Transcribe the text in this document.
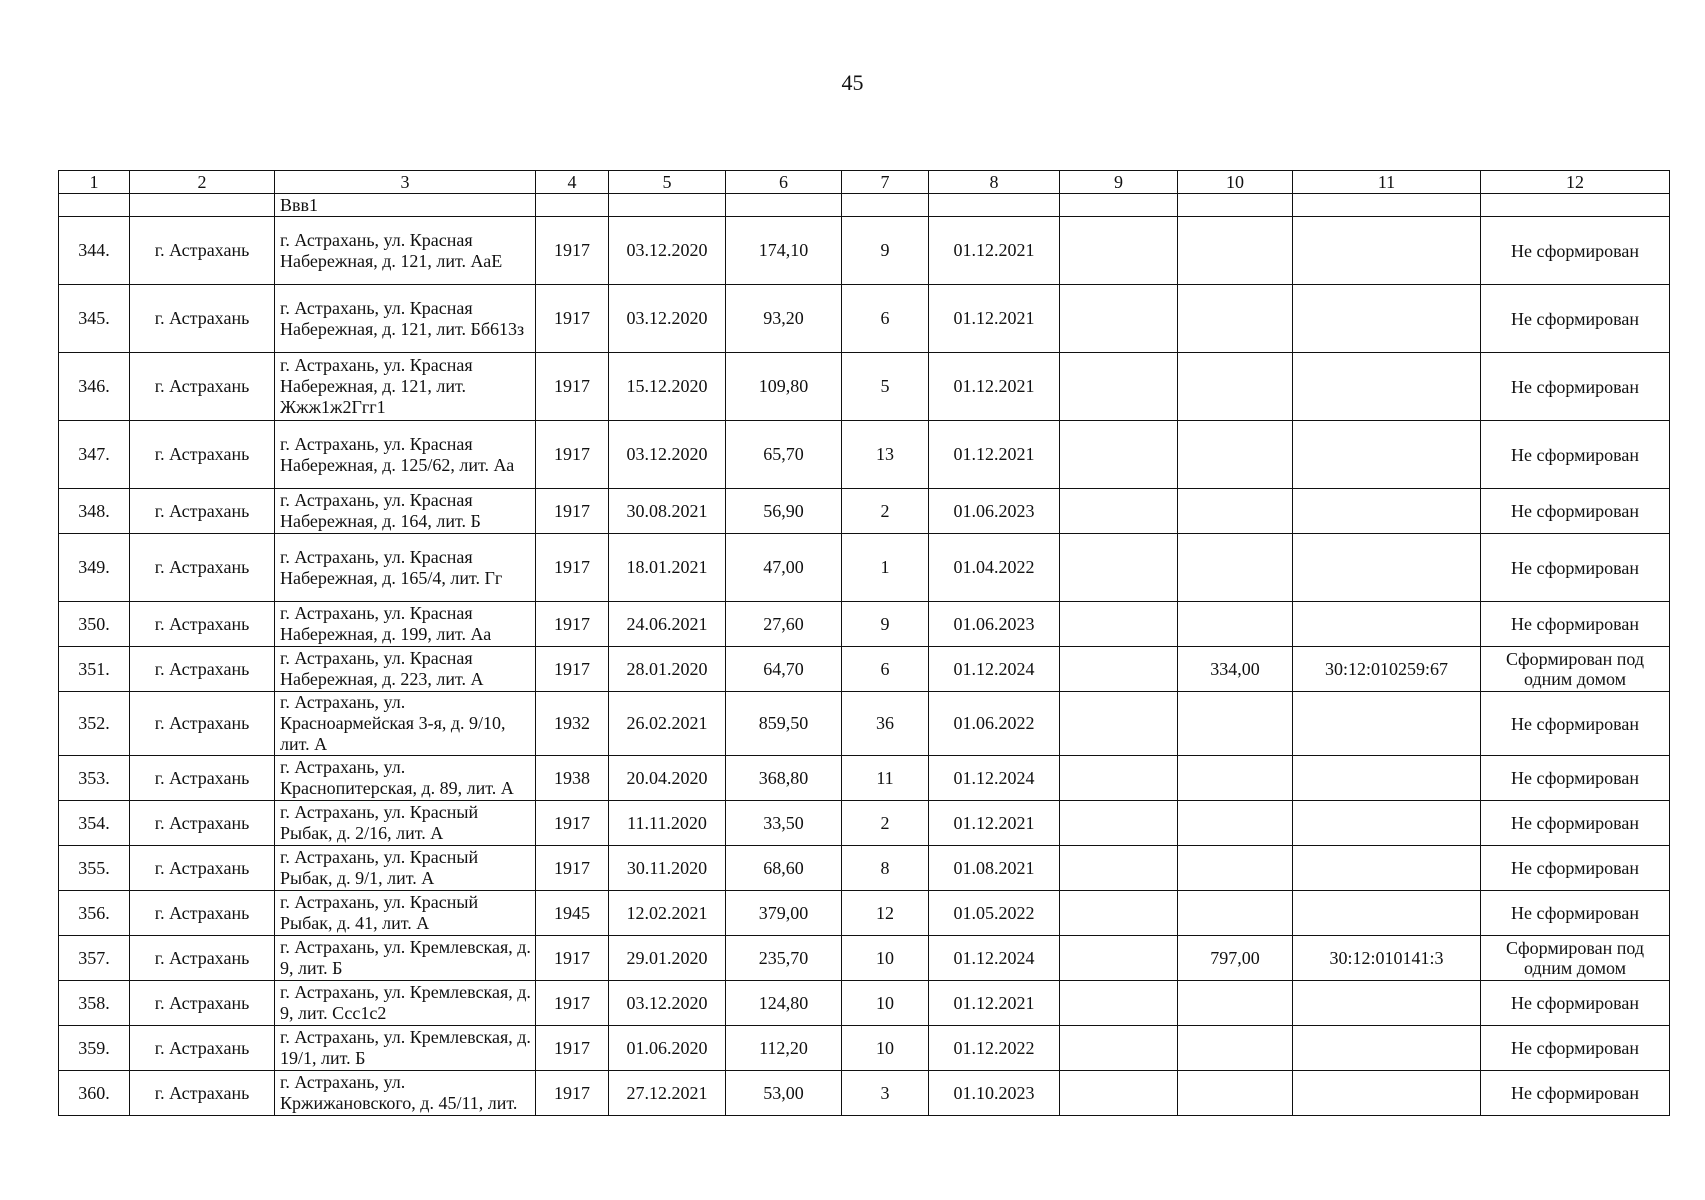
45
1	2	3	4	5	6	7	8	9	10	11	12
		Ввв1									
344.	г. Астрахань	г. Астрахань, ул. Красная Набережная, д. 121, лит. АаЕ	1917	03.12.2020	174,10	9	01.12.2021				Не сформирован
345.	г. Астрахань	г. Астрахань, ул. Красная Набережная, д. 121, лит. Бб613з	1917	03.12.2020	93,20	6	01.12.2021				Не сформирован
346.	г. Астрахань	г. Астрахань, ул. Красная Набережная, д. 121, лит. Жжж1ж2Ггг1	1917	15.12.2020	109,80	5	01.12.2021				Не сформирован
347.	г. Астрахань	г. Астрахань, ул. Красная Набережная, д. 125/62, лит. Аа	1917	03.12.2020	65,70	13	01.12.2021				Не сформирован
348.	г. Астрахань	г. Астрахань, ул. Красная Набережная, д. 164, лит. Б	1917	30.08.2021	56,90	2	01.06.2023				Не сформирован
349.	г. Астрахань	г. Астрахань, ул. Красная Набережная, д. 165/4, лит. Гг	1917	18.01.2021	47,00	1	01.04.2022				Не сформирован
350.	г. Астрахань	г. Астрахань, ул. Красная Набережная, д. 199, лит. Аа	1917	24.06.2021	27,60	9	01.06.2023				Не сформирован
351.	г. Астрахань	г. Астрахань, ул. Красная Набережная, д. 223, лит. А	1917	28.01.2020	64,70	6	01.12.2024		334,00	30:12:010259:67	Сформирован под одним домом
352.	г. Астрахань	г. Астрахань, ул. Красноармейская 3-я, д. 9/10, лит. А	1932	26.02.2021	859,50	36	01.06.2022				Не сформирован
353.	г. Астрахань	г. Астрахань, ул. Краснопитерская, д. 89, лит. А	1938	20.04.2020	368,80	11	01.12.2024				Не сформирован
354.	г. Астрахань	г. Астрахань, ул. Красный Рыбак, д. 2/16, лит. А	1917	11.11.2020	33,50	2	01.12.2021				Не сформирован
355.	г. Астрахань	г. Астрахань, ул. Красный Рыбак, д. 9/1, лит. А	1917	30.11.2020	68,60	8	01.08.2021				Не сформирован
356.	г. Астрахань	г. Астрахань, ул. Красный Рыбак, д. 41, лит. А	1945	12.02.2021	379,00	12	01.05.2022				Не сформирован
357.	г. Астрахань	г. Астрахань, ул. Кремлевская, д. 9, лит. Б	1917	29.01.2020	235,70	10	01.12.2024		797,00	30:12:010141:3	Сформирован под одним домом
358.	г. Астрахань	г. Астрахань, ул. Кремлевская, д. 9, лит. Ссс1с2	1917	03.12.2020	124,80	10	01.12.2021				Не сформирован
359.	г. Астрахань	г. Астрахань, ул. Кремлевская, д. 19/1, лит. Б	1917	01.06.2020	112,20	10	01.12.2022				Не сформирован
360.	г. Астрахань	г. Астрахань, ул. Кржижановского, д. 45/11, лит.	1917	27.12.2021	53,00	3	01.10.2023				Не сформирован
